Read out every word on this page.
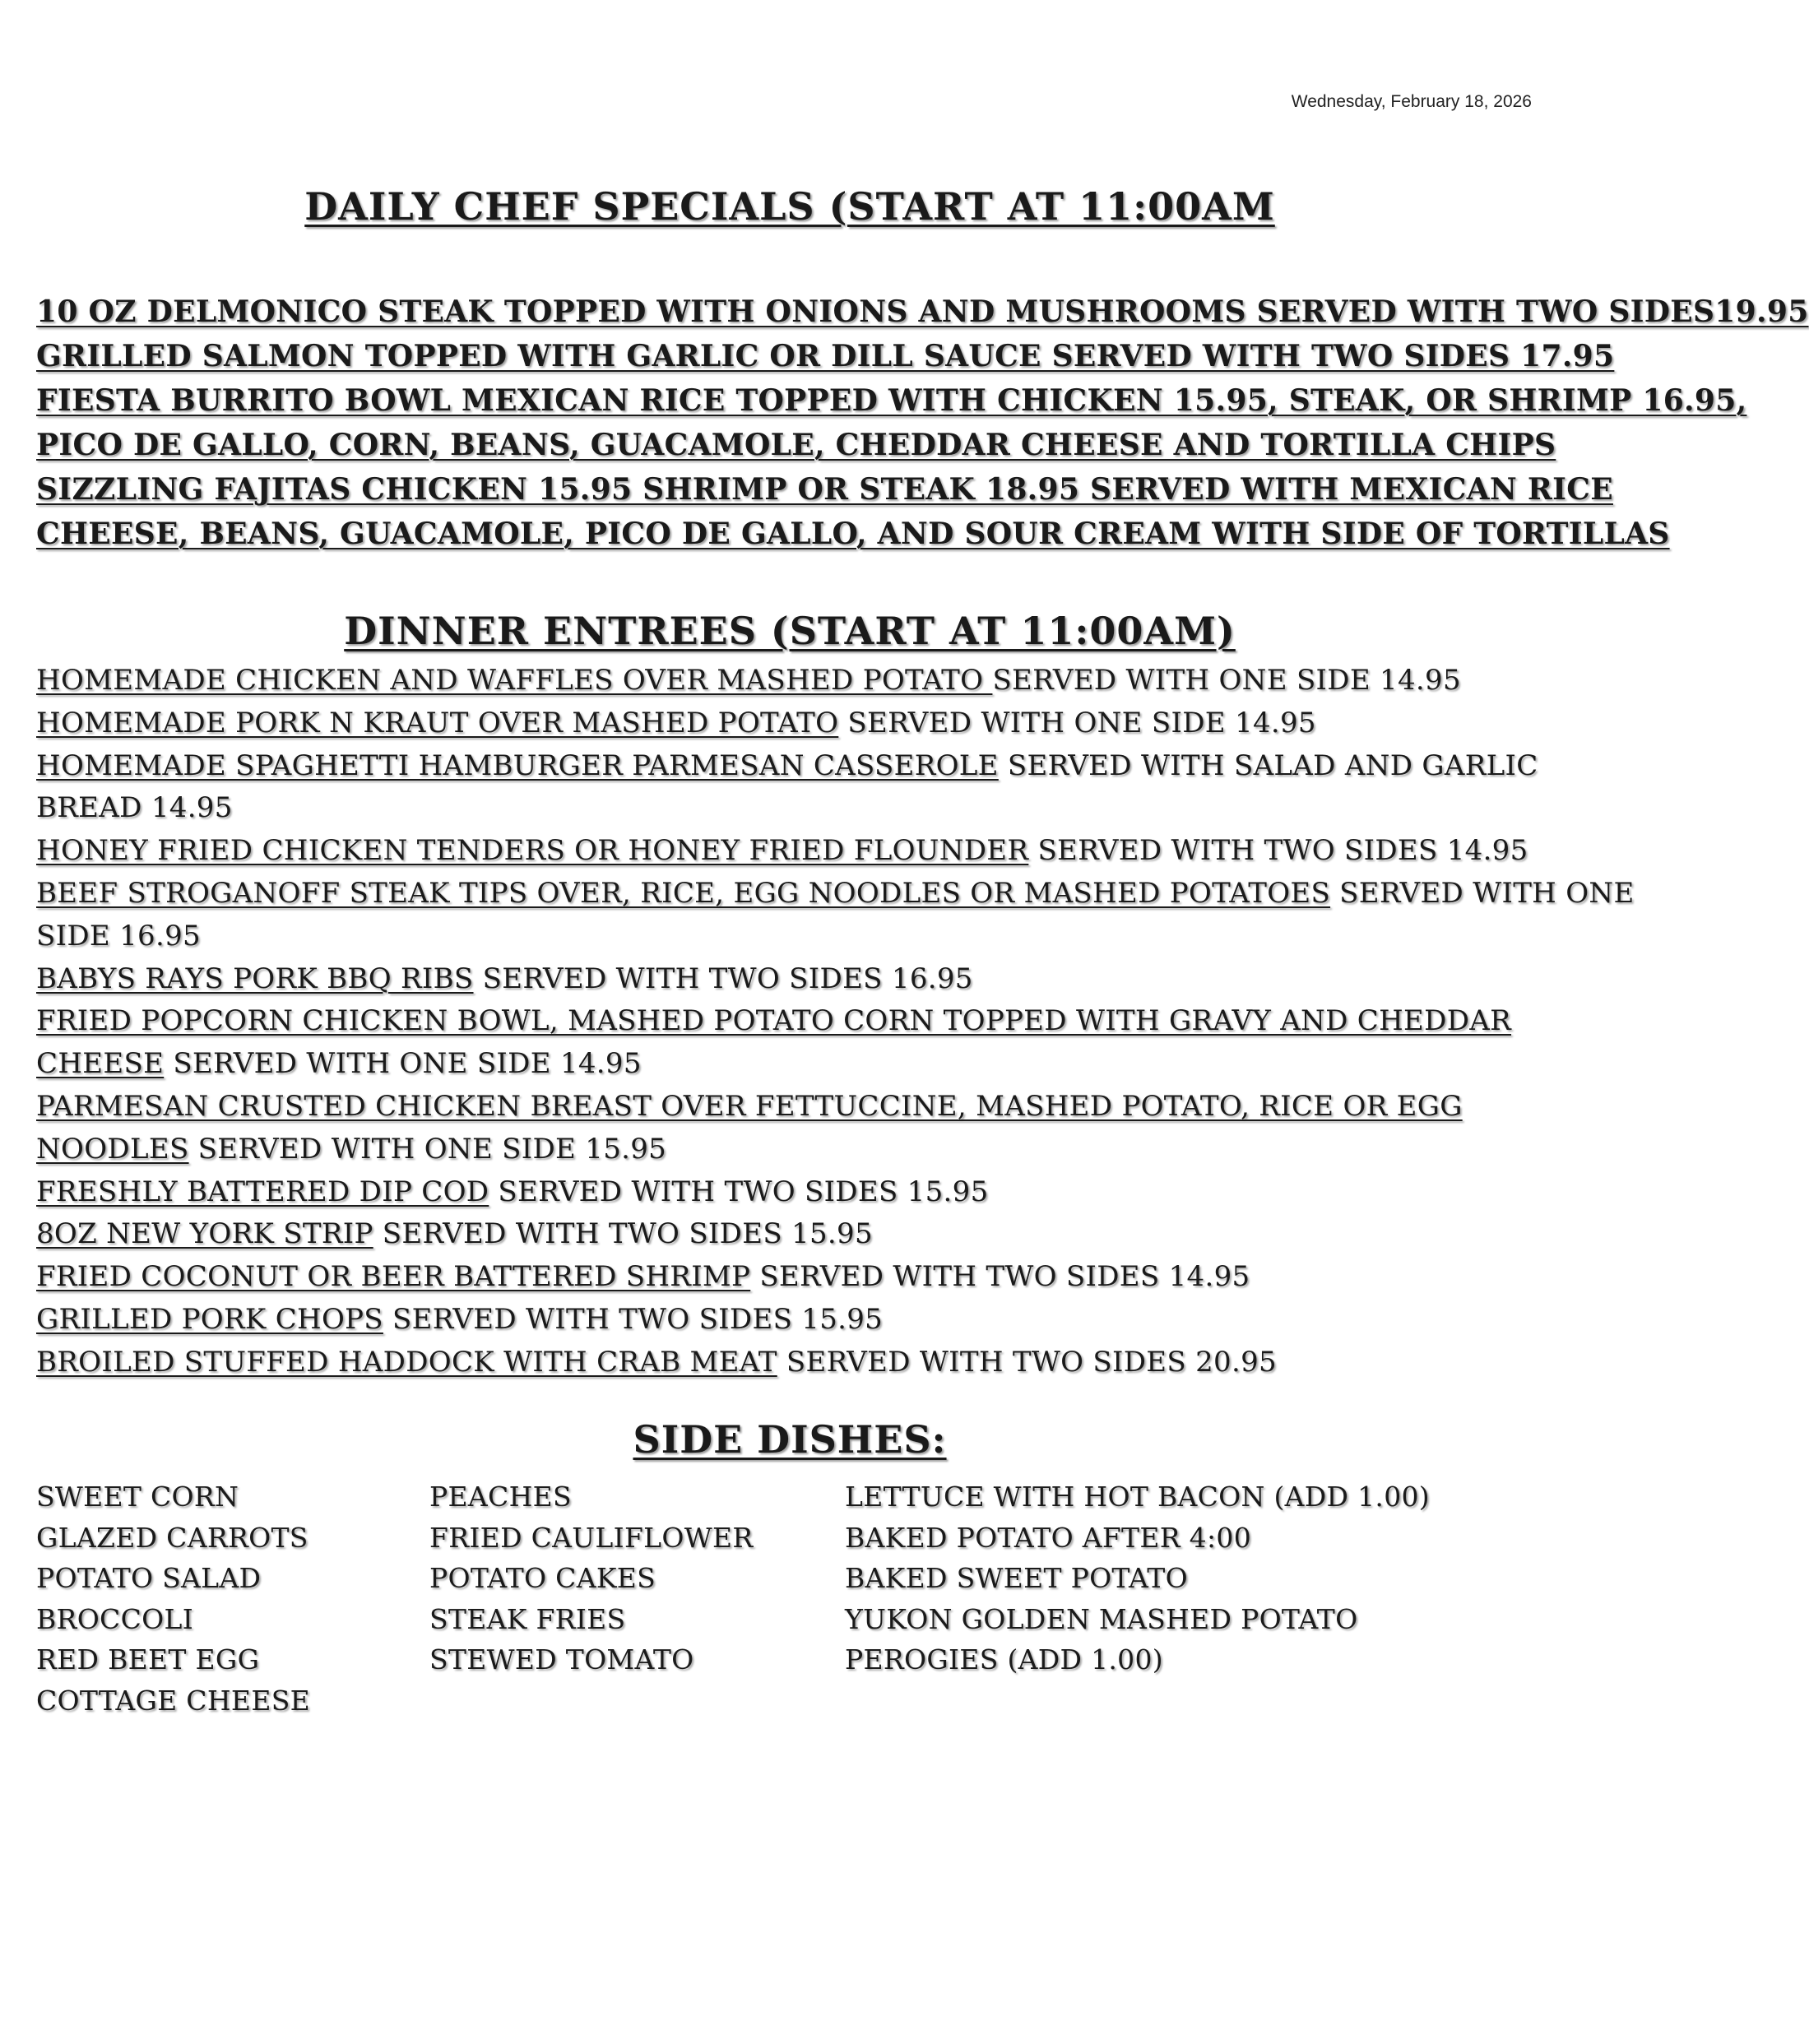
Wednesday, February 18, 2026
DAILY CHEF SPECIALS (START AT 11:00AM
10 OZ DELMONICO STEAK TOPPED WITH ONIONS AND MUSHROOMS SERVED WITH TWO SIDES19.95
GRILLED SALMON TOPPED WITH GARLIC OR DILL SAUCE SERVED WITH TWO SIDES 17.95
FIESTA BURRITO BOWL MEXICAN RICE TOPPED WITH CHICKEN 15.95, STEAK, OR SHRIMP 16.95,
PICO DE GALLO, CORN, BEANS, GUACAMOLE, CHEDDAR CHEESE AND TORTILLA CHIPS
SIZZLING FAJITAS CHICKEN 15.95 SHRIMP OR STEAK 18.95 SERVED WITH MEXICAN RICE
CHEESE, BEANS, GUACAMOLE, PICO DE GALLO, AND SOUR CREAM WITH SIDE OF TORTILLAS
DINNER ENTREES (START AT 11:00AM)
HOMEMADE CHICKEN AND WAFFLES OVER MASHED POTATO SERVED WITH ONE SIDE 14.95
HOMEMADE PORK N KRAUT OVER MASHED POTATO SERVED WITH ONE SIDE 14.95
HOMEMADE SPAGHETTI HAMBURGER PARMESAN CASSEROLE SERVED WITH SALAD AND GARLIC
BREAD 14.95
HONEY FRIED CHICKEN TENDERS OR HONEY FRIED FLOUNDER SERVED WITH TWO SIDES 14.95
BEEF STROGANOFF STEAK TIPS OVER, RICE, EGG NOODLES OR MASHED POTATOES SERVED WITH ONE
SIDE 16.95
BABYS RAYS PORK BBQ RIBS SERVED WITH TWO SIDES 16.95
FRIED POPCORN CHICKEN BOWL, MASHED POTATO CORN TOPPED WITH GRAVY AND CHEDDAR
CHEESE SERVED WITH ONE SIDE 14.95
PARMESAN CRUSTED CHICKEN BREAST OVER FETTUCCINE, MASHED POTATO, RICE OR EGG
NOODLES SERVED WITH ONE SIDE 15.95
FRESHLY BATTERED DIP COD SERVED WITH TWO SIDES 15.95
8OZ NEW YORK STRIP SERVED WITH TWO SIDES 15.95
FRIED COCONUT OR BEER BATTERED SHRIMP SERVED WITH TWO SIDES 14.95
GRILLED PORK CHOPS SERVED WITH TWO SIDES 15.95
BROILED STUFFED HADDOCK WITH CRAB MEAT SERVED WITH TWO SIDES 20.95
SIDE DISHES:
SWEET CORN
GLAZED CARROTS
POTATO SALAD
BROCCOLI
RED BEET EGG
COTTAGE CHEESE
PEACHES
FRIED CAULIFLOWER
POTATO CAKES
STEAK FRIES
STEWED TOMATO
LETTUCE WITH HOT BACON (ADD 1.00)
BAKED POTATO AFTER 4:00
BAKED SWEET POTATO
YUKON GOLDEN MASHED POTATO
PEROGIES (ADD 1.00)
